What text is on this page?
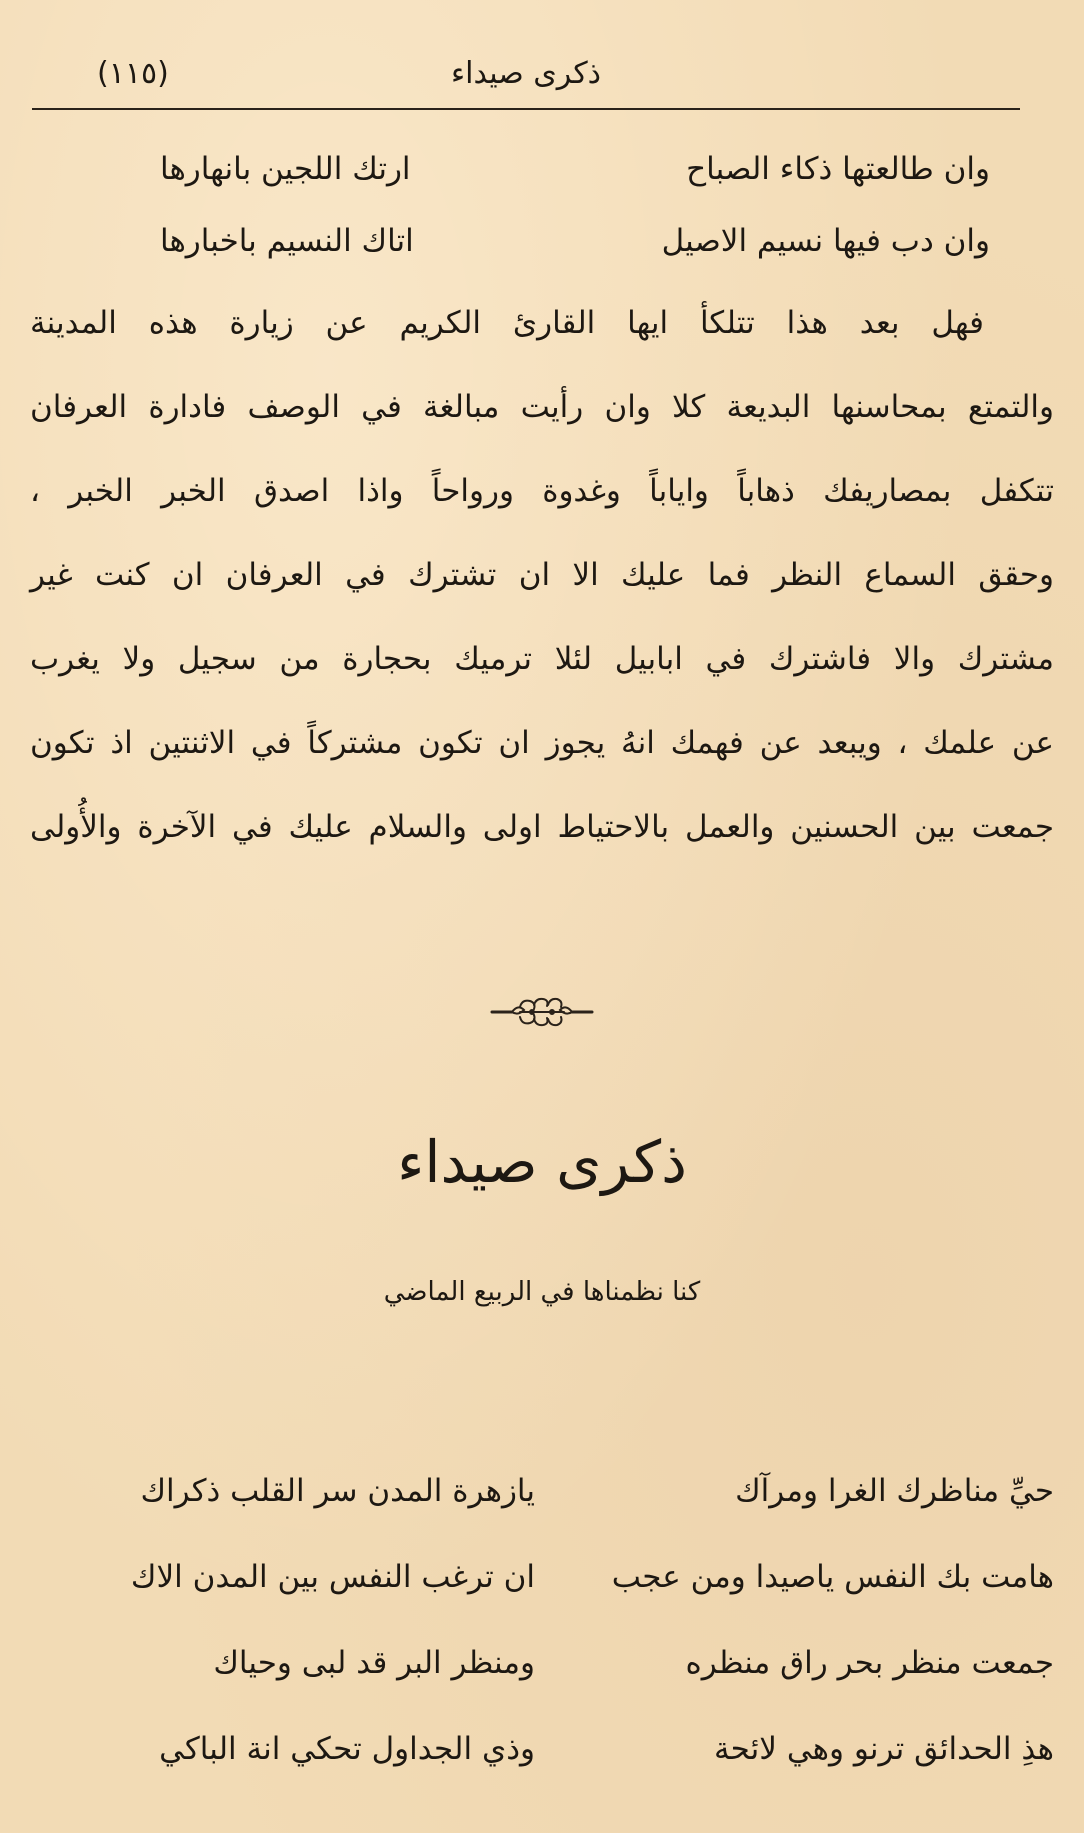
ذكرى صيداء
(١١٥)
وان طالعتها ذكاء الصباح
ارتك اللجين بانهارها
وان دب فيها نسيم الاصيل
اتاك النسيم باخبارها
فهل بعد هذا تتلكأ ايها القارئ الكريم عن زيارة هذه المدينة
والتمتع بمحاسنها البديعة كلا وان رأيت مبالغة في الوصف فادارة العرفان
تتكفل بمصاريفك ذهاباً واياباً وغدوة ورواحاً واذا اصدق الخبر الخبر ،
وحقق السماع النظر فما عليك الا ان تشترك في العرفان ان كنت غير
مشترك والا فاشترك في ابابيل لئلا ترميك بحجارة من سجيل ولا يغرب
عن علمك ، ويبعد عن فهمك انهُ يجوز ان تكون مشتركاً في الاثنتين اذ تكون
جمعت بين الحسنين والعمل بالاحتياط اولى والسلام عليك في الآخرة والأُولى
ذكرى صيداء
كنا نظمناها في الربيع الماضي
حيِّ مناظرك الغرا ومرآك
يازهرة المدن سر القلب ذكراك
هامت بك النفس ياصيدا ومن عجب
ان ترغب النفس بين المدن الاك
جمعت منظر بحر راق منظره
ومنظر البر قد لبى وحياك
هذِ الحدائق ترنو وهي لائحة
وذي الجداول تحكي انة الباكي
